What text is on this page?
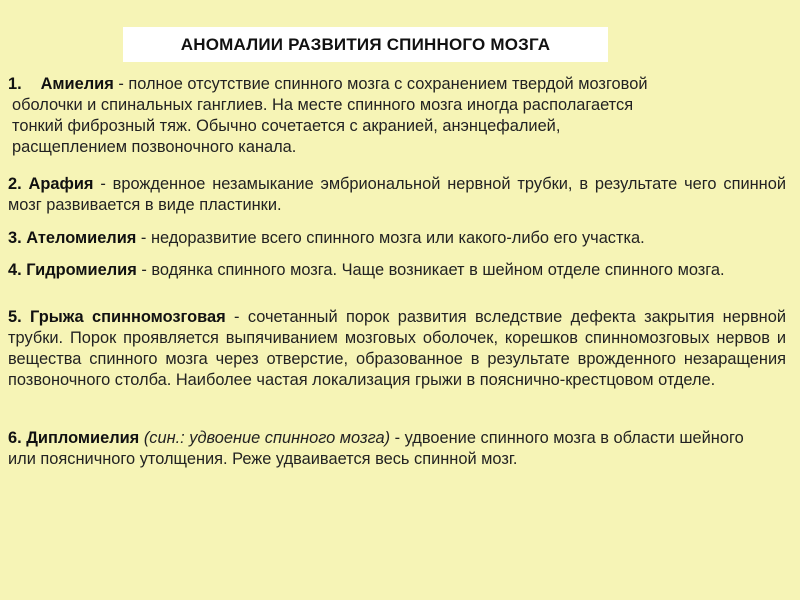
АНОМАЛИИ РАЗВИТИЯ СПИННОГО МОЗГА
1. Амиелия - полное отсутствие спинного мозга с сохранением твердой мозговой
оболочки и спинальных ганглиев. На месте спинного мозга иногда располагается
тонкий фиброзный тяж. Обычно сочетается с акранией, анэнцефалией,
расщеплением позвоночного канала.
2. Арафия - врожденное незамыкание эмбриональной нервной трубки, в результате чего спинной мозг развивается в виде пластинки.
3. Ателомиелия - недоразвитие всего спинного мозга или какого-либо его участка.
4. Гидромиелия - водянка спинного мозга. Чаще возникает в шейном отделе спинного мозга.
5. Грыжа спинномозговая - сочетанный порок развития вследствие дефекта закрытия нервной трубки. Порок проявляется выпячиванием мозговых оболочек, корешков спинномозговых нервов и вещества спинного мозга через отверстие, образованное в результате врожденного незаращения позвоночного столба. Наиболее частая локализация грыжи в пояснично-крестцовом отделе.
6. Дипломиелия (син.: удвоение спинного мозга) - удвоение спинного мозга в области шейного или поясничного утолщения. Реже удваивается весь спинной мозг.
